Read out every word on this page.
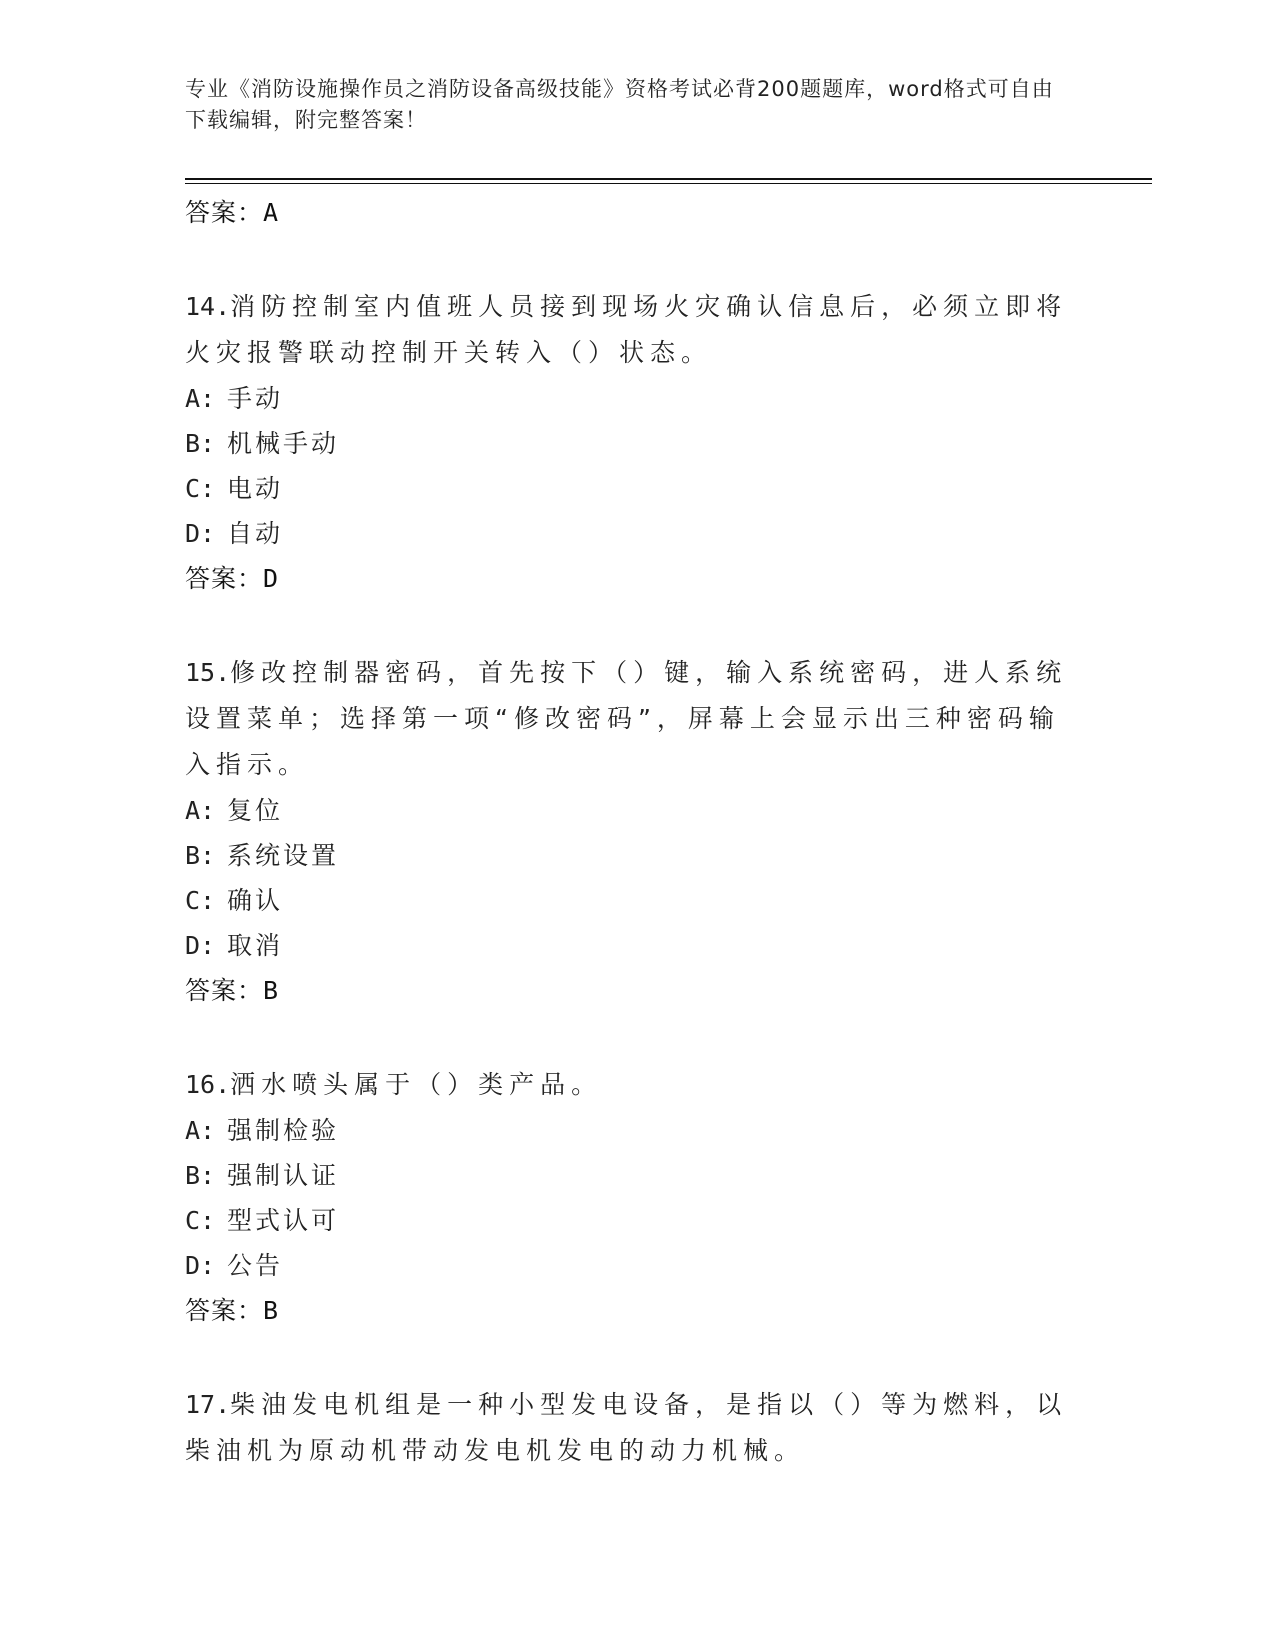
专业《消防设施操作员之消防设备高级技能》资格考试必背200题题库，word格式可自由下载编辑，附完整答案！
答案：A
14.消防控制室内值班人员接到现场火灾确认信息后，必须立即将火灾报警联动控制开关转入（）状态。
A: 手动
B: 机械手动
C: 电动
D: 自动
答案：D
15.修改控制器密码，首先按下（）键，输入系统密码，进人系统设置菜单；选择第一项“修改密码”，屏幕上会显示出三种密码输入指示。
A: 复位
B: 系统设置
C: 确认
D: 取消
答案：B
16.洒水喷头属于（）类产品。
A: 强制检验
B: 强制认证
C: 型式认可
D: 公告
答案：B
17.柴油发电机组是一种小型发电设备，是指以（）等为燃料，以柴油机为原动机带动发电机发电的动力机械。
